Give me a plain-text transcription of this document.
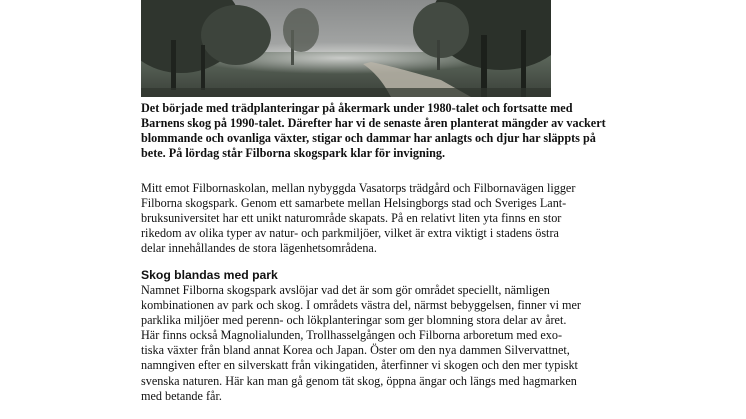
Det började med trädplanteringar på åkermark under 1980-talet och fortsatte med
Barnens skog på 1990-talet. Därefter har vi de senaste åren planterat mängder av vackert
blommande och ovanliga växter, stigar och dammar har anlagts och djur har släppts på
bete. På lördag står Filborna skogspark klar för invigning.
Mitt emot Filbornaskolan, mellan nybyggda Vasatorps trädgård och Filbornavägen ligger
Filborna skogspark. Genom ett samarbete mellan Helsingborgs stad och Sveriges Lant-
bruksuniversitet har ett unikt naturområde skapats. På en relativt liten yta finns en stor
rikedom av olika typer av natur- och parkmiljöer, vilket är extra viktigt i stadens östra
delar innehållandes de stora lägenhetsområdena.
Skog blandas med park
Namnet Filborna skogspark avslöjar vad det är som gör området speciellt, nämligen
kombinationen av park och skog. I områdets västra del, närmst bebyggelsen, finner vi mer
parklika miljöer med perenn- och lökplanteringar som ger blomning stora delar av året.
Här finns också Magnolialunden, Trollhasselgången och Filborna arboretum med exo-
tiska växter från bland annat Korea och Japan. Öster om den nya dammen Silvervattnet,
namngiven efter en silverskatt från vikingatiden, återfinner vi skogen och den mer typiskt
svenska naturen. Här kan man gå genom tät skog, öppna ängar och längs med hagmarken
med betande får.
